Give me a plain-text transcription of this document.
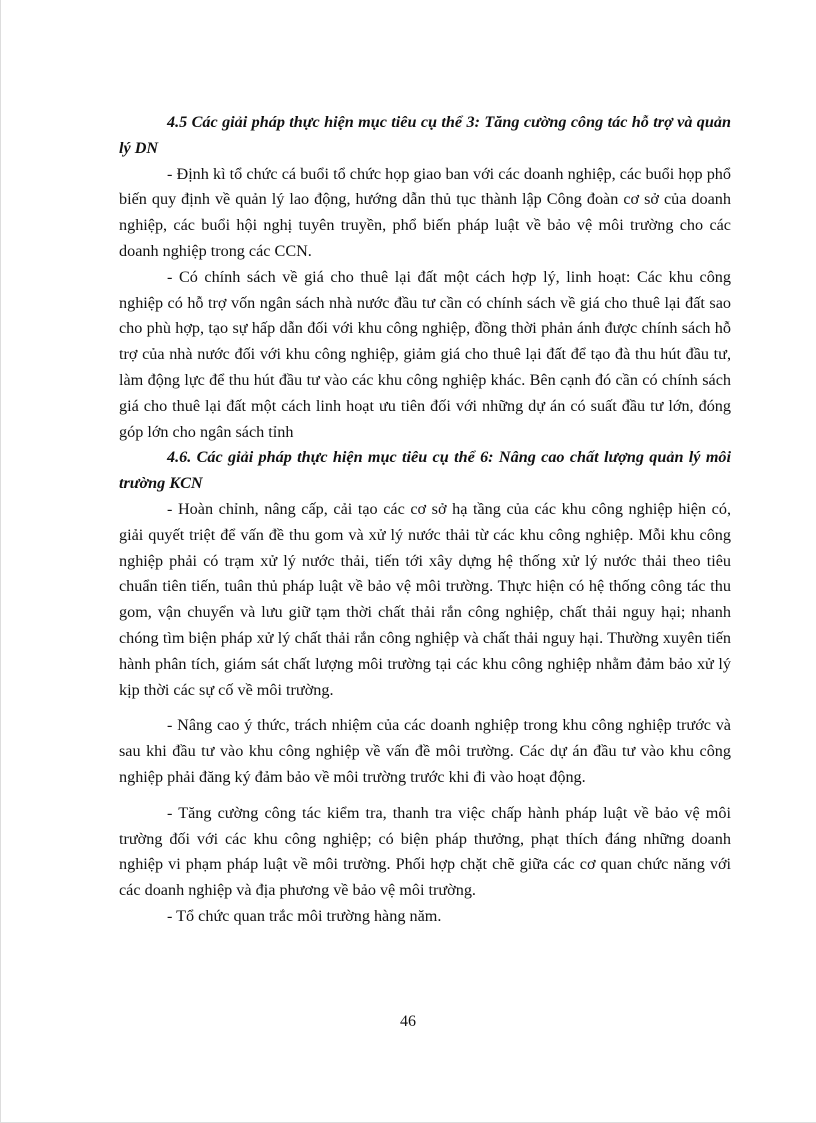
4.5 Các giải pháp thực hiện mục tiêu cụ thể 3: Tăng cường công tác hỗ trợ và quản lý DN

- Định kì tổ chức cá buổi tổ chức họp giao ban với các doanh nghiệp, các buổi họp phổ biến quy định về quản lý lao động, hướng dẫn thủ tục thành lập Công đoàn cơ sở của doanh nghiệp, các buổi hội nghị tuyên truyền, phổ biến pháp luật về bảo vệ môi trường cho các doanh nghiệp trong các CCN.

- Có chính sách về giá cho thuê lại đất một cách hợp lý, linh hoạt: Các khu công nghiệp có hỗ trợ vốn ngân sách nhà nước đầu tư cần có chính sách về giá cho thuê lại đất sao cho phù hợp, tạo sự hấp dẫn đối với khu công nghiệp, đồng thời phản ánh được chính sách hỗ trợ của nhà nước đối với khu công nghiệp, giảm giá cho thuê lại đất để tạo đà thu hút đầu tư, làm động lực để thu hút đầu tư vào các khu công nghiệp khác. Bên cạnh đó cần có chính sách giá cho thuê lại đất một cách linh hoạt ưu tiên đối với những dự án có suất đầu tư lớn, đóng góp lớn cho ngân sách tỉnh

4.6. Các giải pháp thực hiện mục tiêu cụ thể 6: Nâng cao chất lượng quản lý môi trường KCN

- Hoàn chỉnh, nâng cấp, cải tạo các cơ sở hạ tầng của các khu công nghiệp hiện có, giải quyết triệt để vấn đề thu gom và xử lý nước thải từ các khu công nghiệp. Mỗi khu công nghiệp phải có trạm xử lý nước thải, tiến tới xây dựng hệ thống xử lý nước thải theo tiêu chuẩn tiên tiến, tuân thủ pháp luật về bảo vệ môi trường. Thực hiện có hệ thống công tác thu gom, vận chuyển và lưu giữ tạm thời chất thải rắn công nghiệp, chất thải nguy hại; nhanh chóng tìm biện pháp xử lý chất thải rắn công nghiệp và chất thải nguy hại. Thường xuyên tiến hành phân tích, giám sát chất lượng môi trường tại các khu công nghiệp nhằm đảm bảo xử lý kịp thời các sự cố về môi trường.

- Nâng cao ý thức, trách nhiệm của các doanh nghiệp trong khu công nghiệp trước và sau khi đầu tư vào khu công nghiệp về vấn đề môi trường. Các dự án đầu tư vào khu công nghiệp phải đăng ký đảm bảo về môi trường trước khi đi vào hoạt động.

- Tăng cường công tác kiểm tra, thanh tra việc chấp hành pháp luật về bảo vệ môi trường đối với các khu công nghiệp; có biện pháp thưởng, phạt thích đáng những doanh nghiệp vi phạm pháp luật về môi trường. Phối hợp chặt chẽ giữa các cơ quan chức năng với các doanh nghiệp và địa phương về bảo vệ môi trường.

- Tổ chức quan trắc môi trường hàng năm.

46
